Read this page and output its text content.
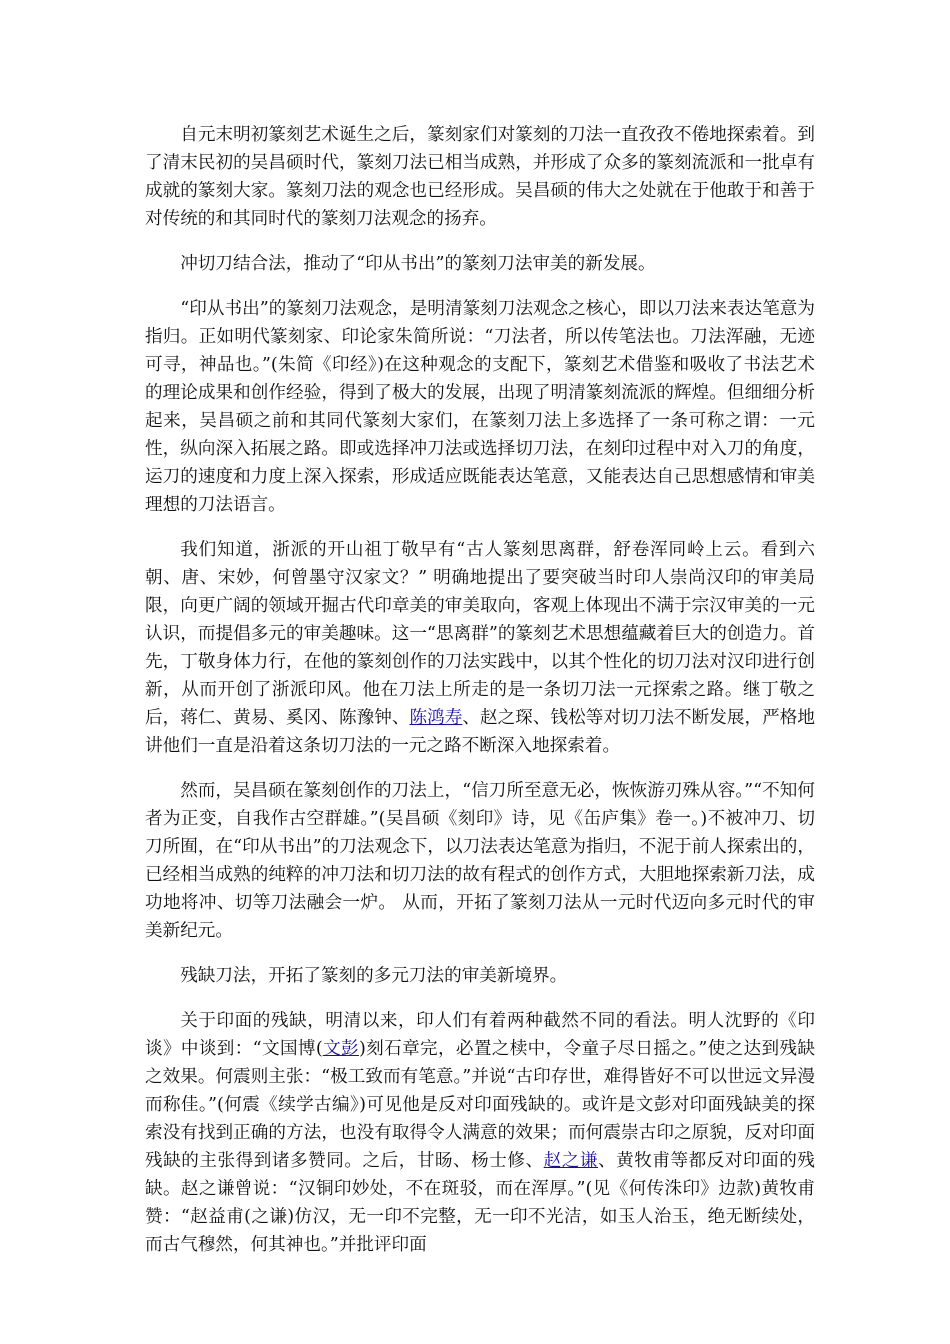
自元末明初篆刻艺术诞生之后，篆刻家们对篆刻的刀法一直孜孜不倦地探索着。到了清末民初的吴昌硕时代，篆刻刀法已相当成熟，并形成了众多的篆刻流派和一批卓有成就的篆刻大家。篆刻刀法的观念也已经形成。吴昌硕的伟大之处就在于他敢于和善于对传统的和其同时代的篆刻刀法观念的扬弃。

冲切刀结合法，推动了“印从书出”的篆刻刀法审美的新发展。

“印从书出”的篆刻刀法观念，是明清篆刻刀法观念之核心，即以刀法来表达笔意为指归。正如明代篆刻家、印论家朱简所说：“刀法者，所以传笔法也。刀法浑融，无迹可寻，神品也。”(朱简《印经》)在这种观念的支配下，篆刻艺术借鉴和吸收了书法艺术的理论成果和创作经验，得到了极大的发展，出现了明清篆刻流派的辉煌。但细细分析起来，吴昌硕之前和其同代篆刻大家们，在篆刻刀法上多选择了一条可称之谓：一元性，纵向深入拓展之路。即或选择冲刀法或选择切刀法，在刻印过程中对入刀的角度，运刀的速度和力度上深入探索，形成适应既能表达笔意，又能表达自己思想感情和审美理想的刀法语言。

我们知道，浙派的开山祖丁敬早有“古人篆刻思离群，舒卷浑同岭上云。看到六朝、唐、宋妙，何曾墨守汉家文？” 明确地提出了要突破当时印人崇尚汉印的审美局限，向更广阔的领域开掘古代印章美的审美取向，客观上体现出不满于宗汉审美的一元认识，而提倡多元的审美趣味。这一“思离群”的篆刻艺术思想蕴藏着巨大的创造力。首先，丁敬身体力行，在他的篆刻创作的刀法实践中，以其个性化的切刀法对汉印进行创新，从而开创了浙派印风。他在刀法上所走的是一条切刀法一元探索之路。继丁敬之后，蒋仁、黄易、奚冈、陈豫钟、陈鸿寿、赵之琛、钱松等对切刀法不断发展，严格地讲他们一直是沿着这条切刀法的一元之路不断深入地探索着。

然而，吴昌硕在篆刻创作的刀法上，“信刀所至意无必，恢恢游刃殊从容。”“不知何者为正变，自我作古空群雄。”(吴昌硕《刻印》诗，见《缶庐集》卷一。)不被冲刀、切刀所囿，在“印从书出”的刀法观念下，以刀法表达笔意为指归，不泥于前人探索出的，已经相当成熟的纯粹的冲刀法和切刀法的故有程式的创作方式，大胆地探索新刀法，成功地将冲、切等刀法融会一炉。 从而，开拓了篆刻刀法从一元时代迈向多元时代的审美新纪元。

残缺刀法，开拓了篆刻的多元刀法的审美新境界。

关于印面的残缺，明清以来，印人们有着两种截然不同的看法。明人沈野的《印谈》中谈到：“文国博(文彭)刻石章完，必置之椟中，令童子尽日摇之。”使之达到残缺之效果。何震则主张：“极工致而有笔意。”并说“古印存世，难得皆好不可以世远文异漫而称佳。”(何震《续学古编》)可见他是反对印面残缺的。或许是文彭对印面残缺美的探索没有找到正确的方法，也没有取得令人满意的效果；而何震崇古印之原貌，反对印面残缺的主张得到诸多赞同。之后，甘旸、杨士修、赵之谦、黄牧甫等都反对印面的残缺。赵之谦曾说：“汉铜印妙处，不在斑驳，而在浑厚。”(见《何传洙印》边款)黄牧甫赞：“赵益甫(之谦)仿汉，无一印不完整，无一印不光洁，如玉人治玉，绝无断续处，而古气穆然，何其神也。”并批评印面
